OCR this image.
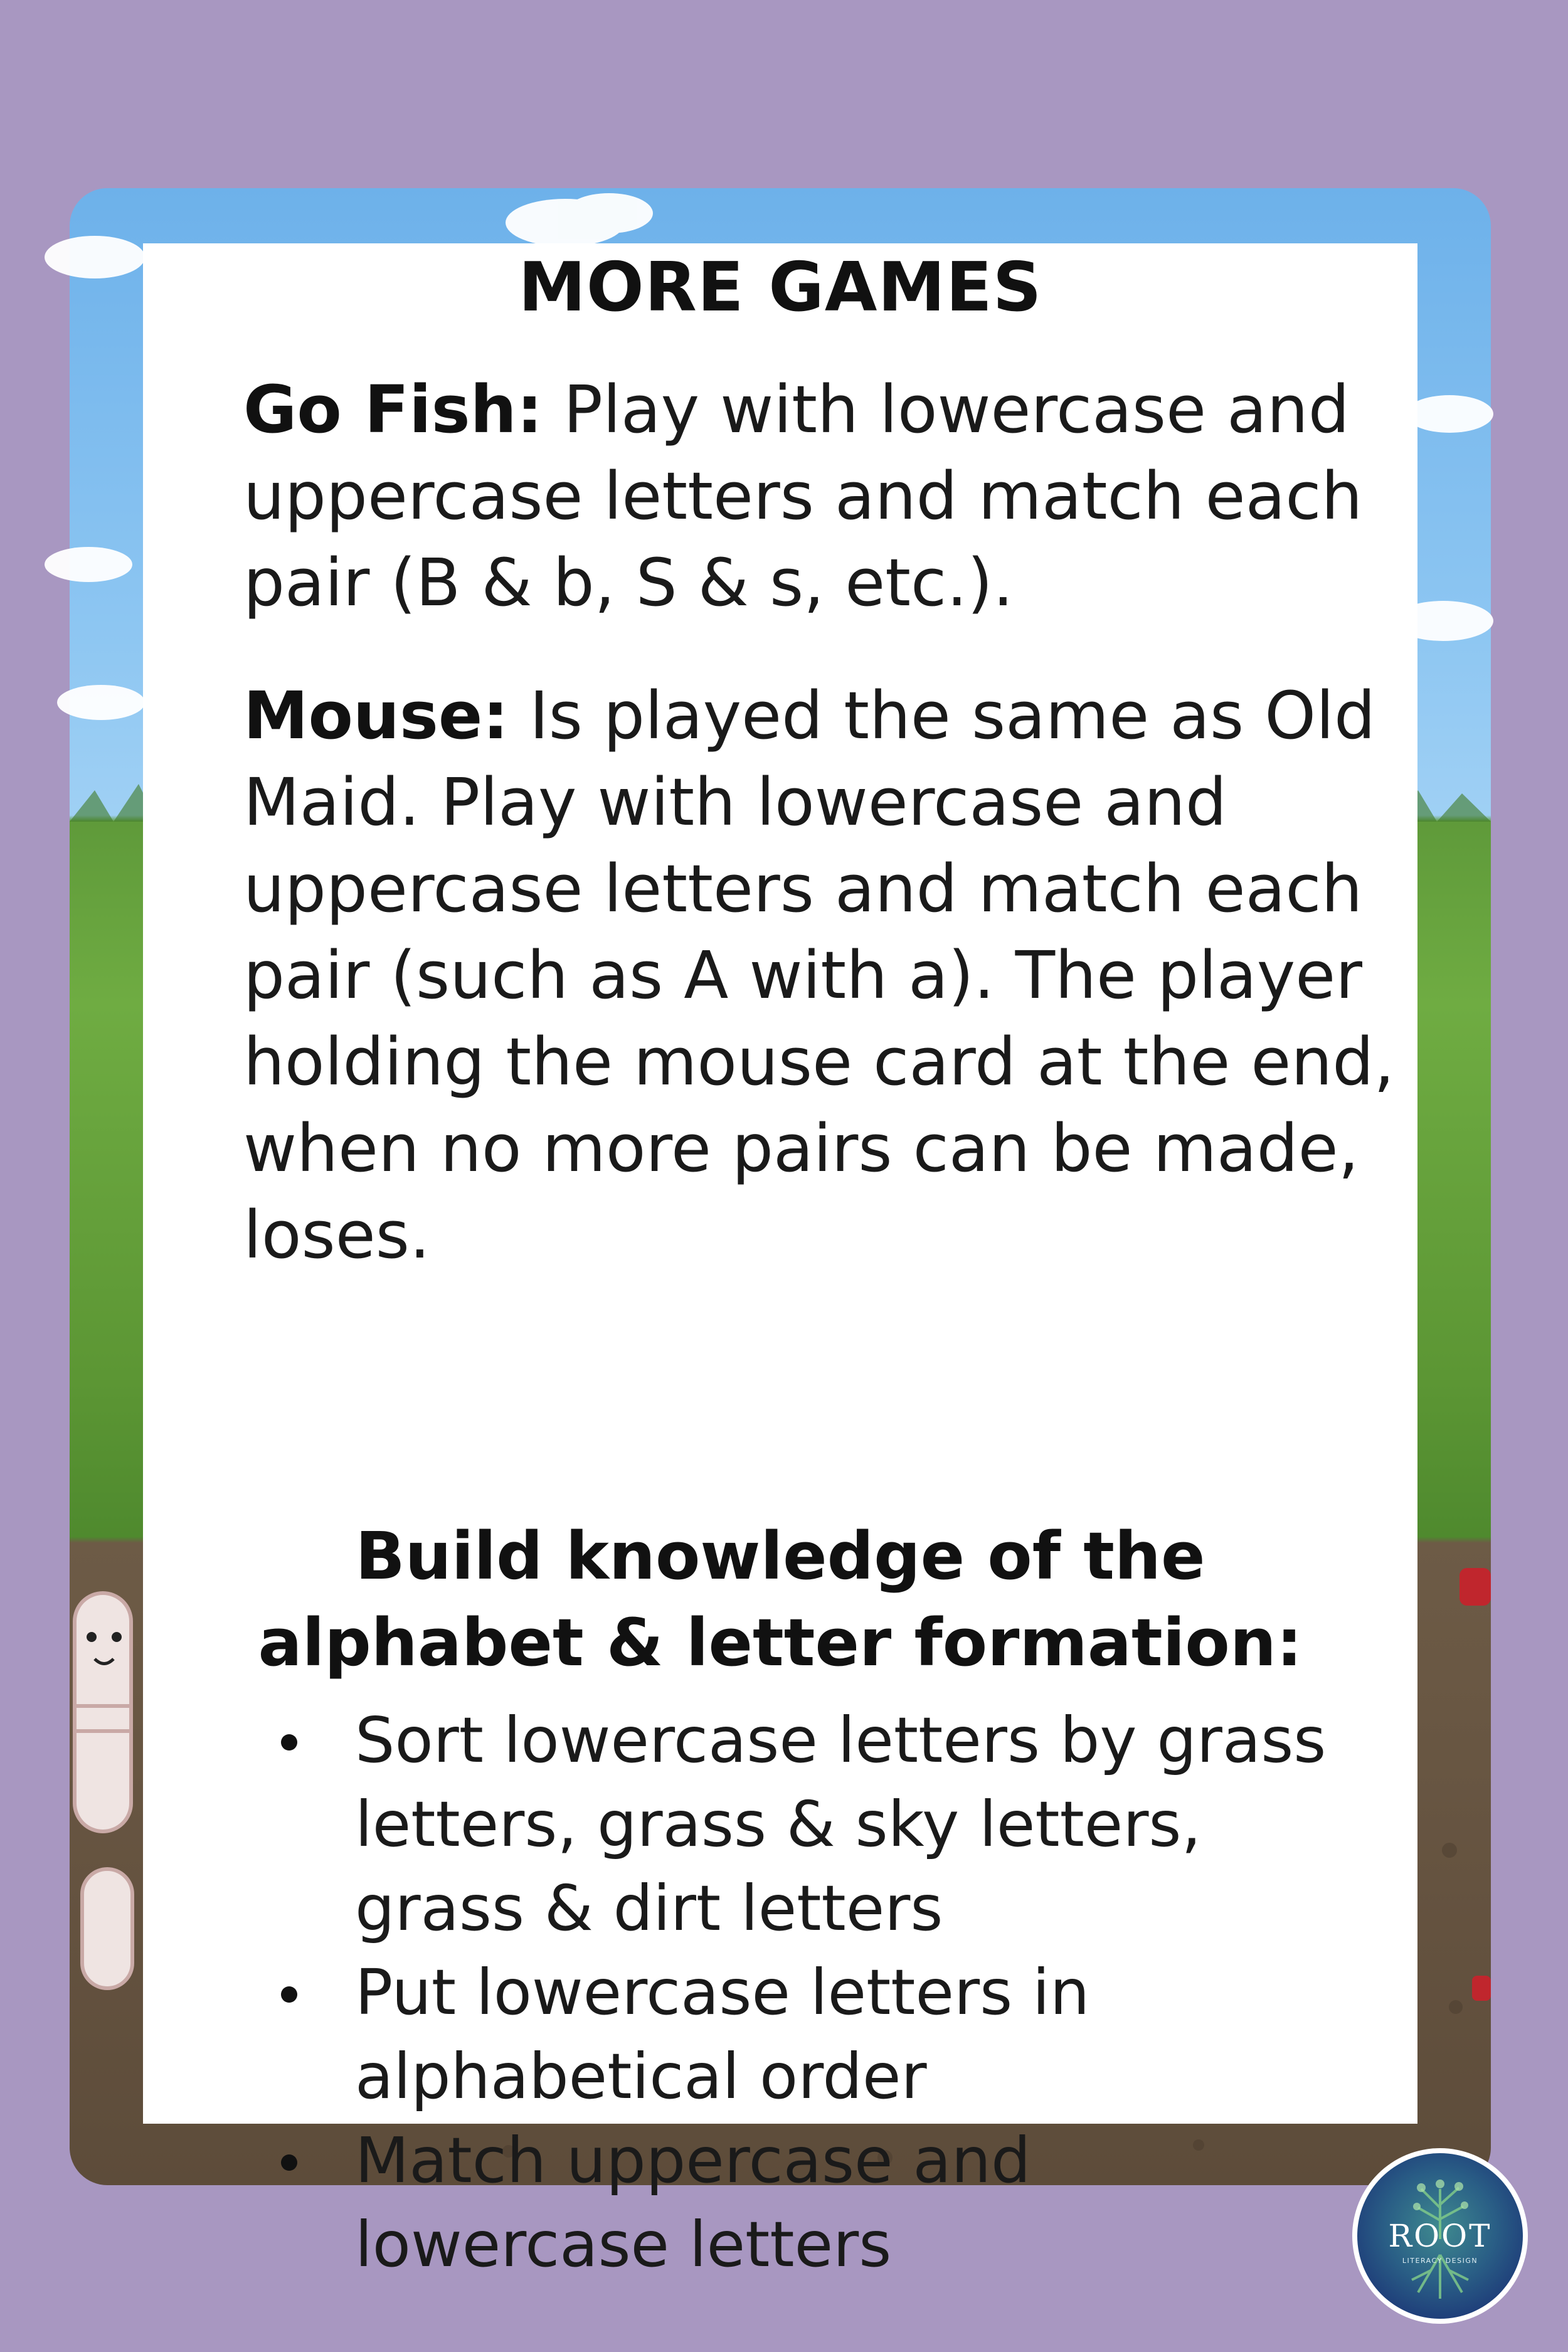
MORE GAMES

Go Fish: Play with lowercase and uppercase letters and match each pair (B & b, S & s, etc.).

Mouse: Is played the same as Old Maid. Play with lowercase and uppercase letters and match each pair (such as A with a). The player holding the mouse card at the end, when no more pairs can be made, loses.

Build knowledge of the
alphabet & letter formation:
Sort lowercase letters by grass letters, grass & sky letters, grass & dirt letters
Put lowercase letters in alphabetical order
Match uppercase and lowercase letters	ROOT
LITERACY DESIGN
